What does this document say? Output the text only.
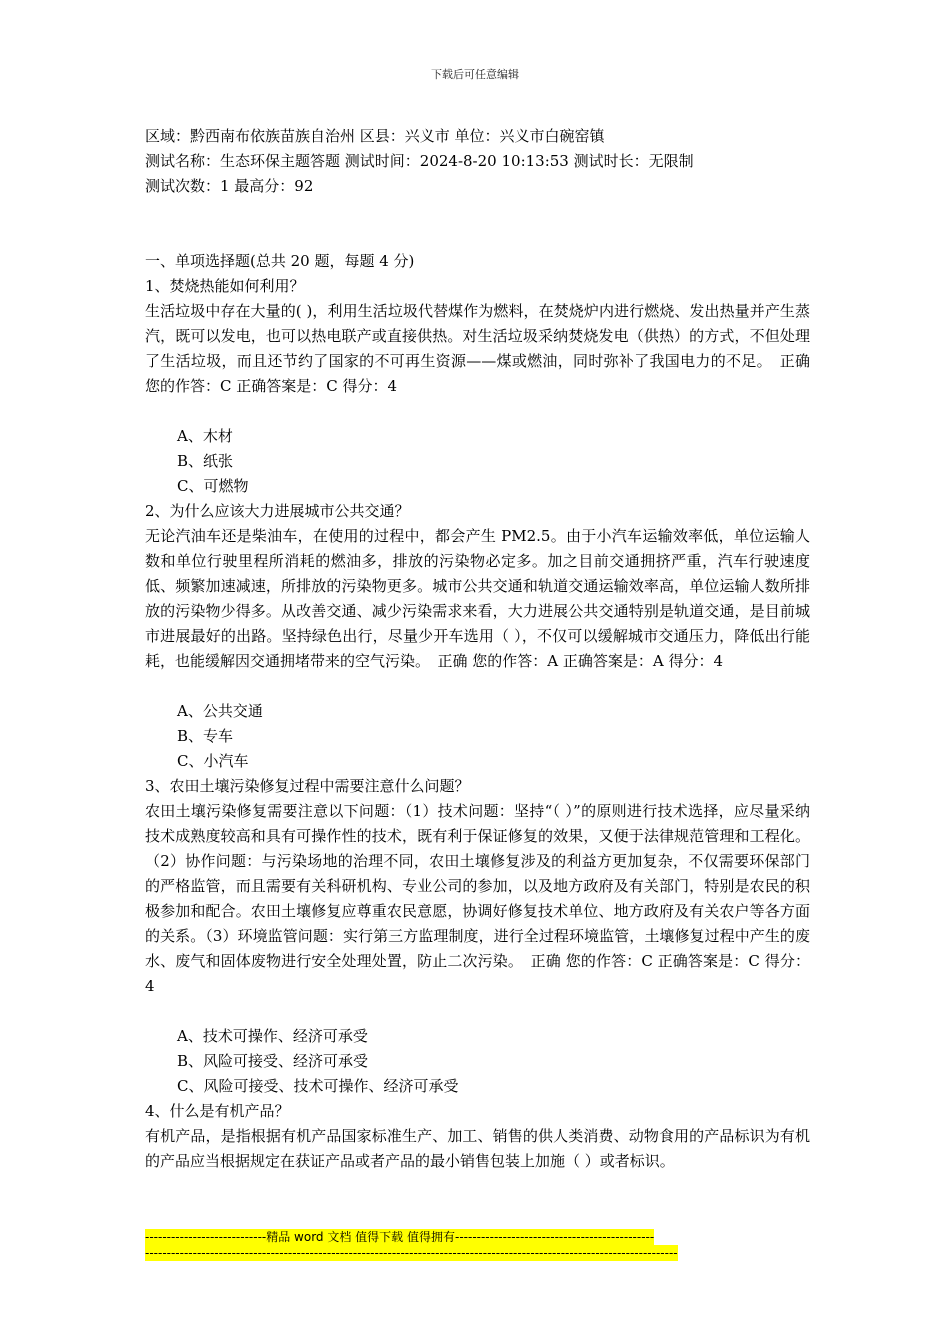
下载后可任意编辑
区域：黔西南布依族苗族自治州 区县：兴义市 单位：兴义市白碗窑镇
测试名称：生态环保主题答题 测试时间：2024-8-20 10:13:53 测试时长：无限制
测试次数：1 最高分：92
一、单项选择题(总共 20 题，每题 4 分)
1、焚烧热能如何利用？
生活垃圾中存在大量的( )，利用生活垃圾代替煤作为燃料，在焚烧炉内进行燃烧、发出热量并产生蒸汽，既可以发电，也可以热电联产或直接供热。对生活垃圾采纳焚烧发电（供热）的方式，不但处理了生活垃圾，而且还节约了国家的不可再生资源——煤或燃油，同时弥补了我国电力的不足。　正确 您的作答：C 正确答案是：C 得分：4
A、木材
B、纸张
C、可燃物
2、为什么应该大力进展城市公共交通？
无论汽油车还是柴油车，在使用的过程中，都会产生 PM2.5。由于小汽车运输效率低，单位运输人数和单位行驶里程所消耗的燃油多，排放的污染物必定多。加之目前交通拥挤严重，汽车行驶速度低、频繁加速减速，所排放的污染物更多。城市公共交通和轨道交通运输效率高，单位运输人数所排放的污染物少得多。从改善交通、减少污染需求来看，大力进展公共交通特别是轨道交通，是目前城市进展最好的出路。坚持绿色出行，尽量少开车选用（ ），不仅可以缓解城市交通压力，降低出行能耗，也能缓解因交通拥堵带来的空气污染。　正确 您的作答：A 正确答案是：A 得分：4
A、公共交通
B、专车
C、小汽车
3、农田土壤污染修复过程中需要注意什么问题？
农田土壤污染修复需要注意以下问题：（1）技术问题：坚持“（ ）”的原则进行技术选择，应尽量采纳技术成熟度较高和具有可操作性的技术，既有利于保证修复的效果，又便于法律规范管理和工程化。（2）协作问题：与污染场地的治理不同，农田土壤修复涉及的利益方更加复杂，不仅需要环保部门的严格监管，而且需要有关科研机构、专业公司的参加，以及地方政府及有关部门，特别是农民的积极参加和配合。农田土壤修复应尊重农民意愿，协调好修复技术单位、地方政府及有关农户等各方面的关系。（3）环境监管问题：实行第三方监理制度，进行全过程环境监管，土壤修复过程中产生的废水、废气和固体废物进行安全处理处置，防止二次污染。　正确 您的作答：C 正确答案是：C 得分：4
A、技术可操作、经济可承受
B、风险可接受、经济可承受
C、风险可接受、技术可操作、经济可承受
4、什么是有机产品？
有机产品，是指根据有机产品国家标准生产、加工、销售的供人类消费、动物食用的产品标识为有机的产品应当根据规定在获证产品或者产品的最小销售包装上加施（ ）或者标识。
----------------------------精品 word 文档 值得下载 值得拥有----------------------------------------------
---------------------------------------------------------------------------------------------------------------------------
